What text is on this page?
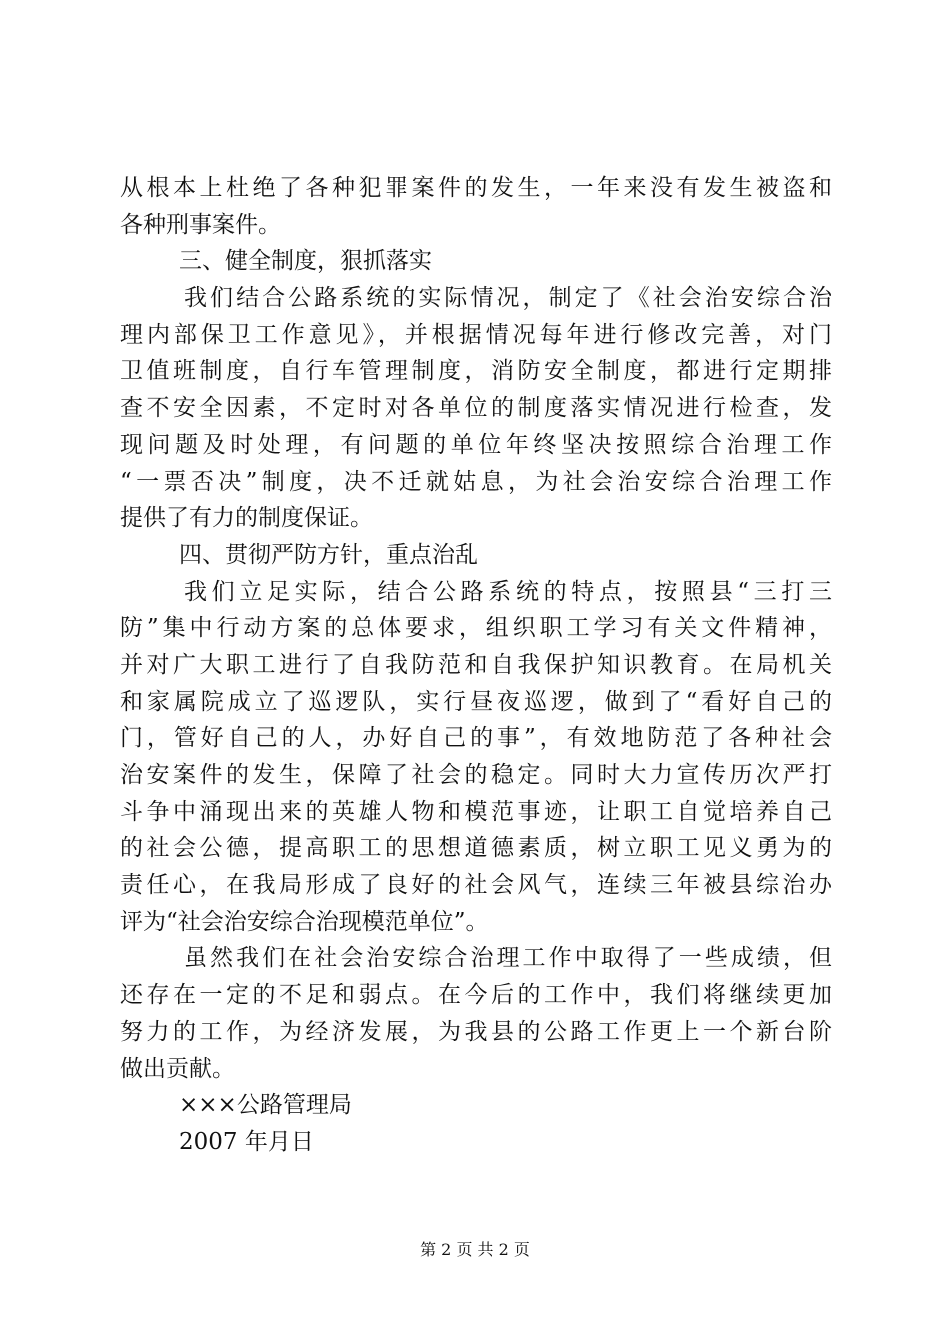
从根本上杜绝了各种犯罪案件的发生，一年来没有发生被盗和
各种刑事案件。
三、健全制度，狠抓落实
我们结合公路系统的实际情况，制定了《社会治安综合治
理内部保卫工作意见》，并根据情况每年进行修改完善，对门
卫值班制度，自行车管理制度，消防安全制度，都进行定期排
查不安全因素，不定时对各单位的制度落实情况进行检查，发
现问题及时处理，有问题的单位年终坚决按照综合治理工作
“一票否决”制度，决不迁就姑息，为社会治安综合治理工作
提供了有力的制度保证。
四、贯彻严防方针，重点治乱
我们立足实际，结合公路系统的特点，按照县“三打三
防”集中行动方案的总体要求，组织职工学习有关文件精神，
并对广大职工进行了自我防范和自我保护知识教育。在局机关
和家属院成立了巡逻队，实行昼夜巡逻，做到了“看好自己的
门，管好自己的人，办好自己的事”，有效地防范了各种社会
治安案件的发生，保障了社会的稳定。同时大力宣传历次严打
斗争中涌现出来的英雄人物和模范事迹，让职工自觉培养自己
的社会公德，提高职工的思想道德素质，树立职工见义勇为的
责任心，在我局形成了良好的社会风气，连续三年被县综治办
评为“社会治安综合治现模范单位”。
虽然我们在社会治安综合治理工作中取得了一些成绩，但
还存在一定的不足和弱点。在今后的工作中，我们将继续更加
努力的工作，为经济发展，为我县的公路工作更上一个新台阶
做出贡献。
×××公路管理局
2007 年月日
第 2 页 共 2 页
